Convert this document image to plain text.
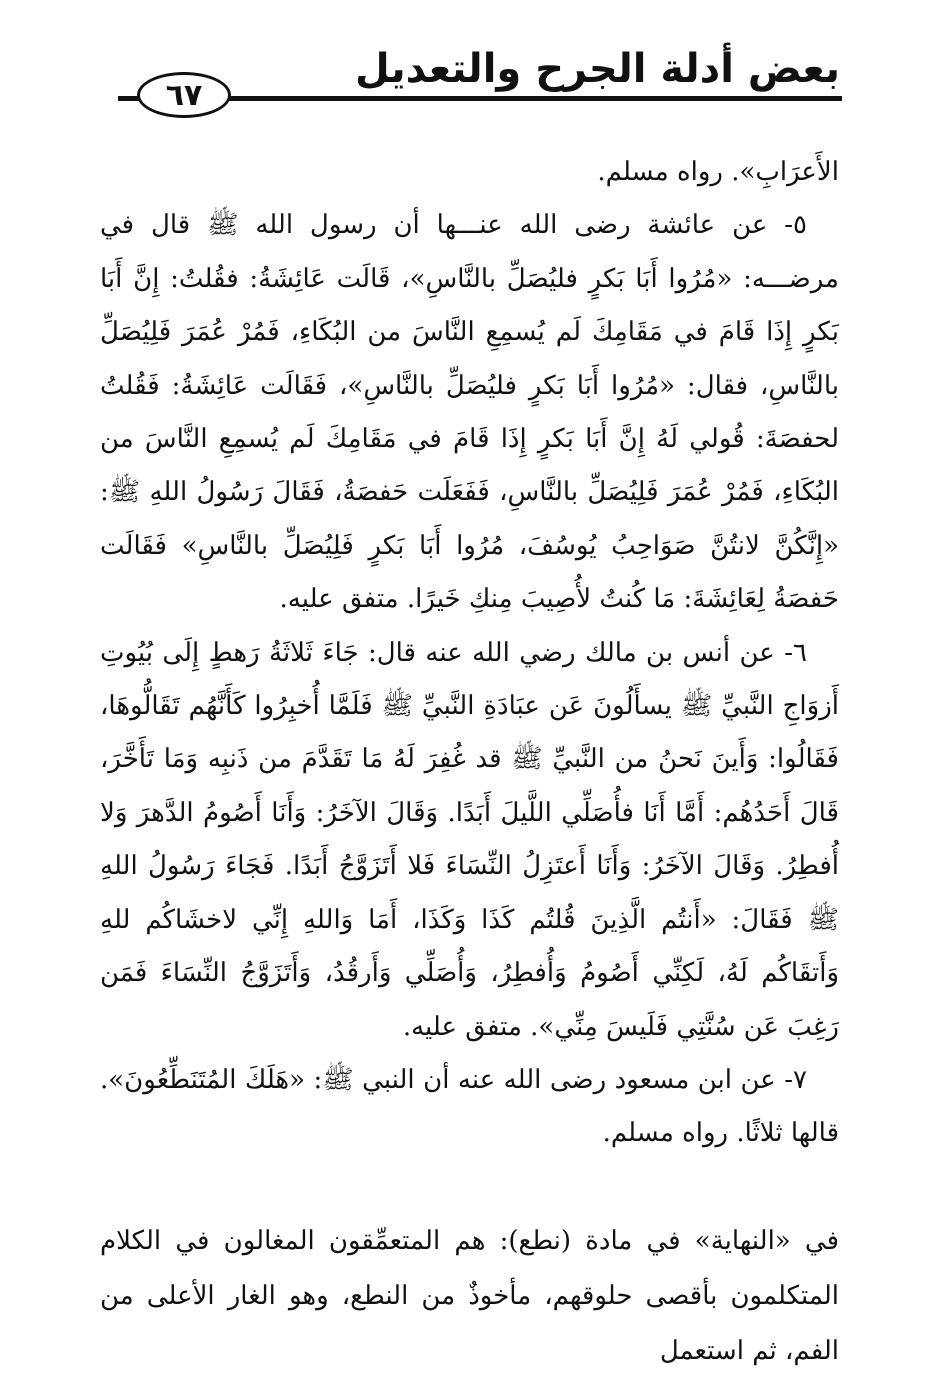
بعض أدلة الجرح والتعديل
٦٧

الأَعرَابِ». رواه مسلم.

٥- عن عائشة رضى الله عنـــها أن رسول الله ﷺ قال في مرضـــه: «مُرُوا أَبَا بَكرٍ فليُصَلِّ بالنَّاسِ»، قَالَت عَائِشَةُ: فقُلتُ: إِنَّ أَبَا بَكرٍ إِذَا قَامَ في مَقَامِكَ لَم يُسمِعِ النَّاسَ من البُكَاءِ، فَمُرْ عُمَرَ فَلِيُصَلِّ بالنَّاسِ، فقال: «مُرُوا أَبَا بَكرٍ فليُصَلِّ بالنَّاسِ»، فَقَالَت عَائِشَةُ: فَقُلتُ لحفصَةَ: قُولي لَهُ إِنَّ أَبَا بَكرٍ إِذَا قَامَ في مَقَامِكَ لَم يُسمِعِ النَّاسَ من البُكَاءِ، فَمُرْ عُمَرَ فَلِيُصَلِّ بالنَّاسِ، فَفَعَلَت حَفصَةُ، فَقَالَ رَسُولُ اللهِ ﷺ: «إِنَّكُنَّ لانتُنَّ صَوَاحِبُ يُوسُفَ، مُرُوا أَبَا بَكرٍ فَلِيُصَلِّ بالنَّاسِ» فَقَالَت حَفصَةُ لِعَائِشَةَ: مَا كُنتُ لأُصِيبَ مِنكِ خَيرًا. متفق عليه.

٦- عن أنس بن مالك رضي الله عنه قال: جَاءَ ثَلاثَةُ رَهطٍ إِلَى بُيُوتِ أَزوَاجِ النَّبيِّ ﷺ يسأَلُونَ عَن عبَادَةِ النَّبيِّ ﷺ فَلَمَّا أُخبِرُوا كَأَنَّهُم تَقَالُّوهَا، فَقَالُوا: وَأَينَ نَحنُ من النَّبيِّ ﷺ قد غُفِرَ لَهُ مَا تَقَدَّمَ من ذَنبِه وَمَا تَأَخَّرَ، قَالَ أَحَدُهُم: أَمَّا أَنَا فأُصَلِّي اللَّيلَ أَبَدًا. وَقَالَ الآخَرُ: وَأَنَا أَصُومُ الدَّهرَ وَلا أُفطِرُ. وَقَالَ الآخَرُ: وَأَنَا أَعتَزِلُ النِّسَاءَ فَلا أَتَزَوَّجُ أَبَدًا. فَجَاءَ رَسُولُ اللهِ ﷺ فَقَالَ: «أَنتُم الَّذِينَ قُلتُم كَذَا وَكَذَا، أَمَا وَاللهِ إِنِّي لاخشَاكُم للهِ وَأَتقَاكُم لَهُ، لَكِنِّي أَصُومُ وَأُفطِرُ، وَأُصَلِّي وَأَرقُدُ، وَأَتَزَوَّجُ النِّسَاءَ فَمَن رَغِبَ عَن سُنَّتِي فَلَيسَ مِنِّي». متفق عليه.

٧- عن ابن مسعود رضى الله عنه أن النبي ﷺ: «هَلَكَ المُتَنَطِّعُونَ». قالها ثلاثًا. رواه مسلم.

في «النهاية» في مادة (نطع): هم المتعمِّقون المغالون في الكلام المتكلمون بأقصى حلوقهم، مأخوذٌ من النطع، وهو الغار الأعلى من الفم، ثم استعمل
